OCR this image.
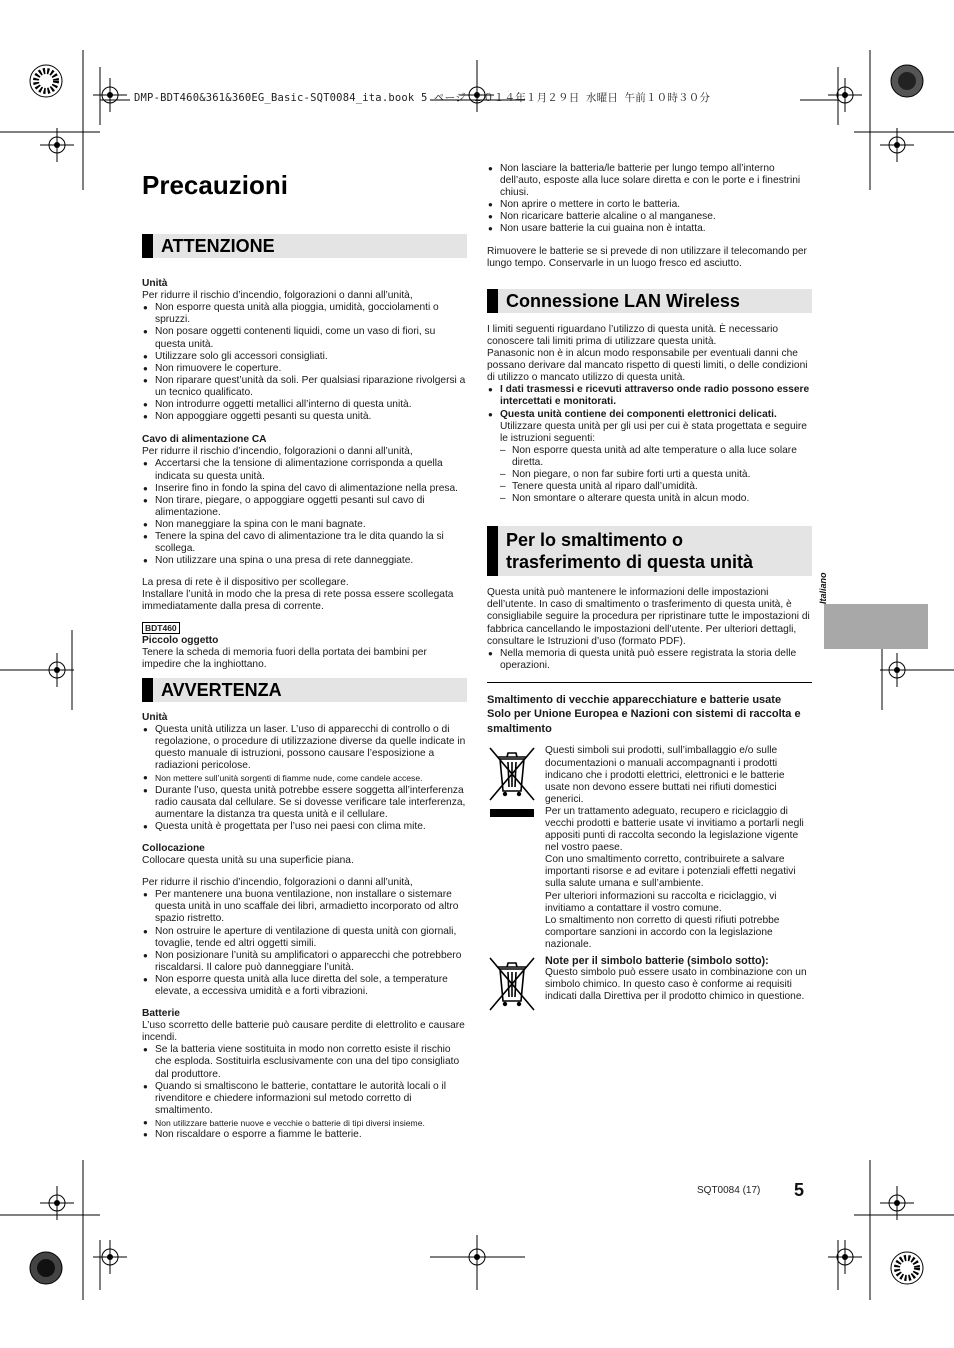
DMP-BDT460&361&360EG_Basic-SQT0084_ita.book 5 ページ ２０１４年１月２９日 水曜日 午前１０時３０分
Precauzioni
ATTENZIONE

Unità

Per ridurre il rischio d’incendio, folgorazioni o danni all’unità,

● Non esporre questa unità alla pioggia, umidità, gocciolamenti o spruzzi.
● Non posare oggetti contenenti liquidi, come un vaso di fiori, su questa unità.
● Utilizzare solo gli accessori consigliati.
● Non rimuovere le coperture.
● Non riparare quest’unità da soli. Per qualsiasi riparazione rivolgersi a un tecnico qualificato.
● Non introdurre oggetti metallici all’interno di questa unità.
● Non appoggiare oggetti pesanti su questa unità.

Cavo di alimentazione CA

Per ridurre il rischio d’incendio, folgorazioni o danni all’unità,

● Accertarsi che la tensione di alimentazione corrisponda a quella indicata su questa unità.
● Inserire fino in fondo la spina del cavo di alimentazione nella presa.
● Non tirare, piegare, o appoggiare oggetti pesanti sul cavo di alimentazione.
● Non maneggiare la spina con le mani bagnate.
● Tenere la spina del cavo di alimentazione tra le dita quando la si scollega.
● Non utilizzare una spina o una presa di rete danneggiate.

La presa di rete è il dispositivo per scollegare.

Installare l’unità in modo che la presa di rete possa essere scollegata immediatamente dalla presa di corrente.

BDT460

Piccolo oggetto

Tenere la scheda di memoria fuori della portata dei bambini per impedire che la inghiottano.

AVVERTENZA

Unità

● Questa unità utilizza un laser. L’uso di apparecchi di controllo o di regolazione, o procedure di utilizzazione diverse da quelle indicate in questo manuale di istruzioni, possono causare l’esposizione a radiazioni pericolose.
● Non mettere sull’unità sorgenti di fiamme nude, come candele accese.
● Durante l’uso, questa unità potrebbe essere soggetta all’interferenza radio causata dal cellulare. Se si dovesse verificare tale interferenza, aumentare la distanza tra questa unità e il cellulare.
● Questa unità è progettata per l’uso nei paesi con clima mite.

Collocazione

Collocare questa unità su una superficie piana.

Per ridurre il rischio d’incendio, folgorazioni o danni all’unità,

● Per mantenere una buona ventilazione, non installare o sistemare questa unità in uno scaffale dei libri, armadietto incorporato od altro spazio ristretto.
● Non ostruire le aperture di ventilazione di questa unità con giornali, tovaglie, tende ed altri oggetti simili.
● Non posizionare l’unità su amplificatori o apparecchi che potrebbero riscaldarsi. Il calore può danneggiare l’unità.
● Non esporre questa unità alla luce diretta del sole, a temperature elevate, a eccessiva umidità e a forti vibrazioni.

Batterie

L’uso scorretto delle batterie può causare perdite di elettrolito e causare incendi.

● Se la batteria viene sostituita in modo non corretto esiste il rischio che esploda. Sostituirla esclusivamente con una del tipo consigliato dal produttore.
● Quando si smaltiscono le batterie, contattare le autorità locali o il rivenditore e chiedere informazioni sul metodo corretto di smaltimento.
● Non utilizzare batterie nuove e vecchie o batterie di tipi diversi insieme.
● Non riscaldare o esporre a fiamme le batterie.
● Non lasciare la batteria/le batterie per lungo tempo all’interno dell’auto, esposte alla luce solare diretta e con le porte e i finestrini chiusi.
● Non aprire o mettere in corto le batteria.
● Non ricaricare batterie alcaline o al manganese.
● Non usare batterie la cui guaina non è intatta.

Rimuovere le batterie se si prevede di non utilizzare il telecomando per lungo tempo. Conservarle in un luogo fresco ed asciutto.

Connessione LAN Wireless

I limiti seguenti riguardano l’utilizzo di questa unità. È necessario conoscere tali limiti prima di utilizzare questa unità.

Panasonic non è in alcun modo responsabile per eventuali danni che possano derivare dal mancato rispetto di questi limiti, o delle condizioni di utilizzo o mancato utilizzo di questa unità.

● I dati trasmessi e ricevuti attraverso onde radio possono essere intercettati e monitorati.
● Questa unità contiene dei componenti elettronici delicati.

Utilizzare questa unità per gli usi per cui è stata progettata e seguire le istruzioni seguenti:

– Non esporre questa unità ad alte temperature o alla luce solare diretta.
– Non piegare, o non far subire forti urti a questa unità.
– Tenere questa unità al riparo dall’umidità.
– Non smontare o alterare questa unità in alcun modo.
Per lo smaltimento o
trasferimento di questa unità

Questa unità può mantenere le informazioni delle impostazioni dell’utente. In caso di smaltimento o trasferimento di questa unità, è consigliabile seguire la procedura per ripristinare tutte le impostazioni di fabbrica cancellando le impostazioni dell’utente. Per ulteriori dettagli, consultare le Istruzioni d’uso (formato PDF).

● Nella memoria di questa unità può essere registrata la storia delle operazioni.

Smaltimento di vecchie apparecchiature e batterie usate

Solo per Unione Europea e Nazioni con sistemi di raccolta e smaltimento

Questi simboli sui prodotti, sull’imballaggio e/o sulle documentazioni o manuali accompagnanti i prodotti indicano che i prodotti elettrici, elettronici e le batterie usate non devono essere buttati nei rifiuti domestici generici.

Per un trattamento adeguato, recupero e riciclaggio di vecchi prodotti e batterie usate vi invitiamo a portarli negli appositi punti di raccolta secondo la legislazione vigente nel vostro paese.

Con uno smaltimento corretto, contribuirete a salvare importanti risorse e ad evitare i potenziali effetti negativi sulla salute umana e sull’ambiente.

Per ulteriori informazioni su raccolta e riciclaggio, vi invitiamo a contattare il vostro comune.

Lo smaltimento non corretto di questi rifiuti potrebbe comportare sanzioni in accordo con la legislazione nazionale.

Note per il simbolo batterie (simbolo sotto):

Questo simbolo può essere usato in combinazione con un simbolo chimico. In questo caso è conforme ai requisiti indicati dalla Direttiva per il prodotto chimico in questione.

Italiano
SQT0084 (17) 5
